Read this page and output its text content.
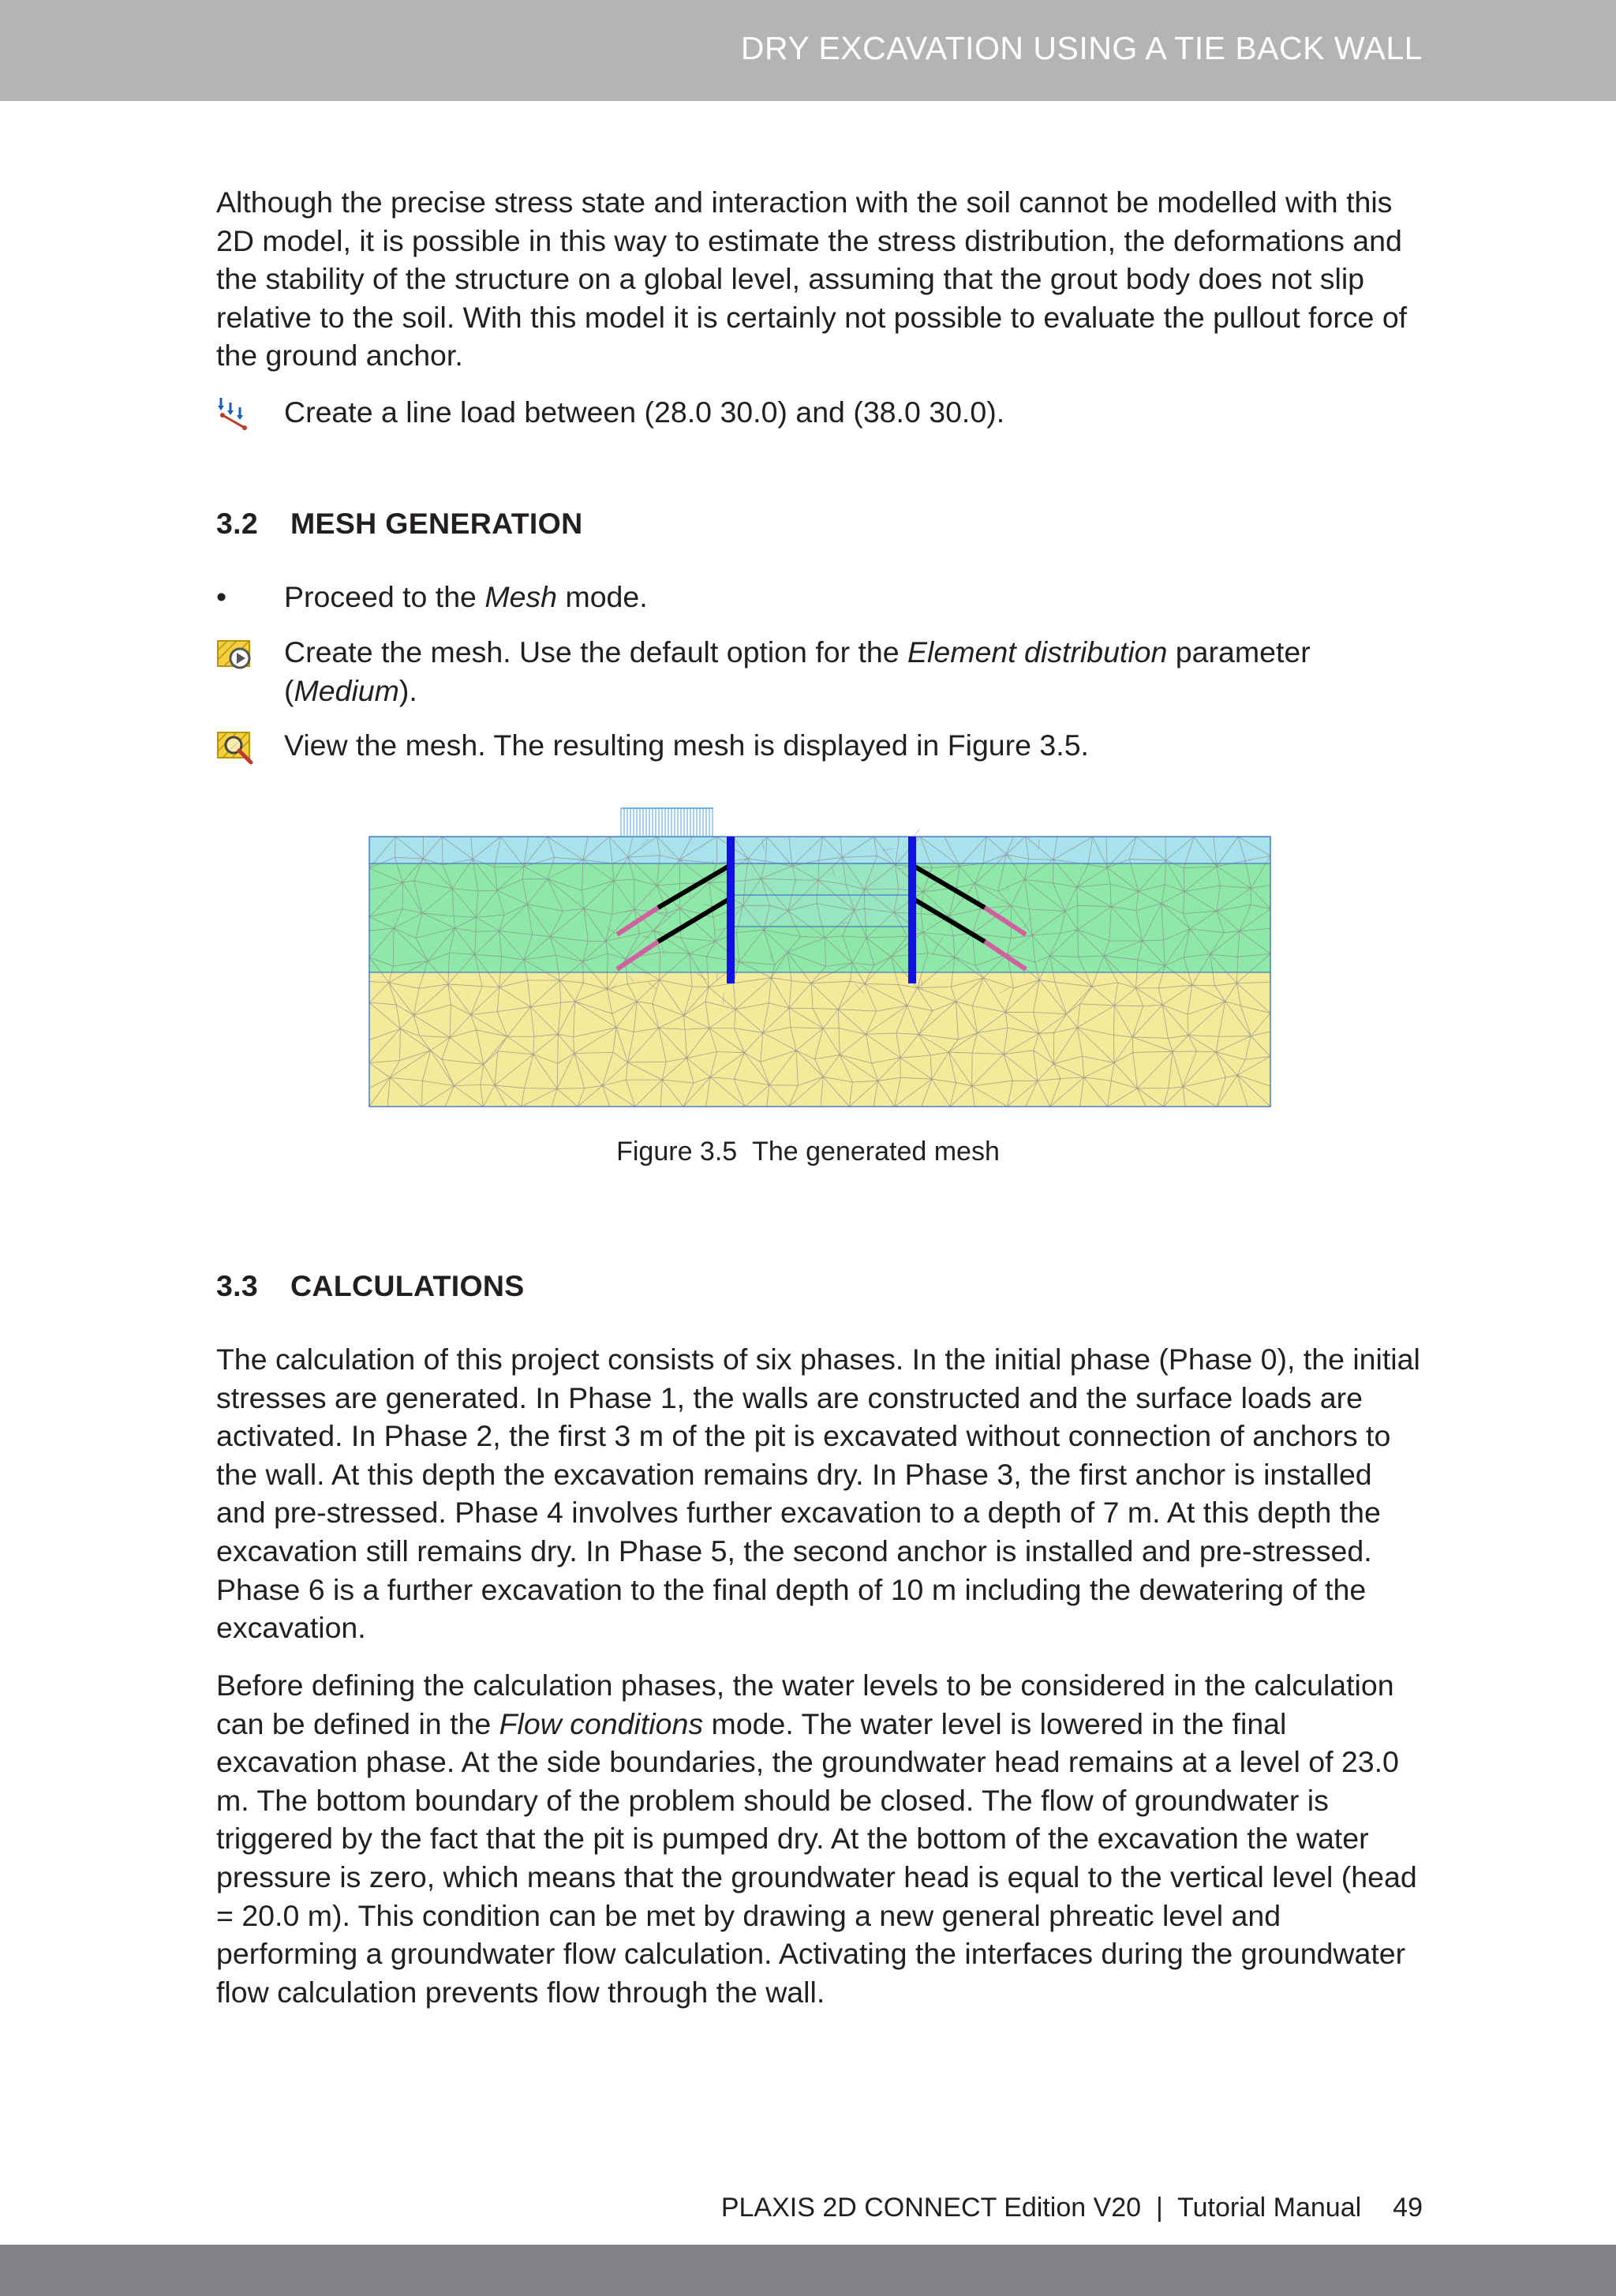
DRY EXCAVATION USING A TIE BACK WALL

Although the precise stress state and interaction with the soil cannot be modelled with this 2D model, it is possible in this way to estimate the stress distribution, the deformations and the stability of the structure on a global level, assuming that the grout body does not slip relative to the soil. With this model it is certainly not possible to evaluate the pullout force of the ground anchor.

Create a line load between (28.0 30.0) and (38.0 30.0).
3.2 MESH GENERATION
• Proceed to the Mesh mode.
Create the mesh. Use the default option for the Element distribution parameter (Medium).
View the mesh. The resulting mesh is displayed in Figure 3.5.
Figure 3.5 The generated mesh
3.3 CALCULATIONS

The calculation of this project consists of six phases. In the initial phase (Phase 0), the initial stresses are generated. In Phase 1, the walls are constructed and the surface loads are activated. In Phase 2, the first 3 m of the pit is excavated without connection of anchors to the wall. At this depth the excavation remains dry. In Phase 3, the first anchor is installed and pre-stressed. Phase 4 involves further excavation to a depth of 7 m. At this depth the excavation still remains dry. In Phase 5, the second anchor is installed and pre-stressed. Phase 6 is a further excavation to the final depth of 10 m including the dewatering of the excavation.

Before defining the calculation phases, the water levels to be considered in the calculation can be defined in the Flow conditions mode. The water level is lowered in the final excavation phase. At the side boundaries, the groundwater head remains at a level of 23.0 m. The bottom boundary of the problem should be closed. The flow of groundwater is triggered by the fact that the pit is pumped dry. At the bottom of the excavation the water pressure is zero, which means that the groundwater head is equal to the vertical level (head = 20.0 m). This condition can be met by drawing a new general phreatic level and performing a groundwater flow calculation. Activating the interfaces during the groundwater flow calculation prevents flow through the wall.

PLAXIS 2D CONNECT Edition V20  |  Tutorial Manual 49
